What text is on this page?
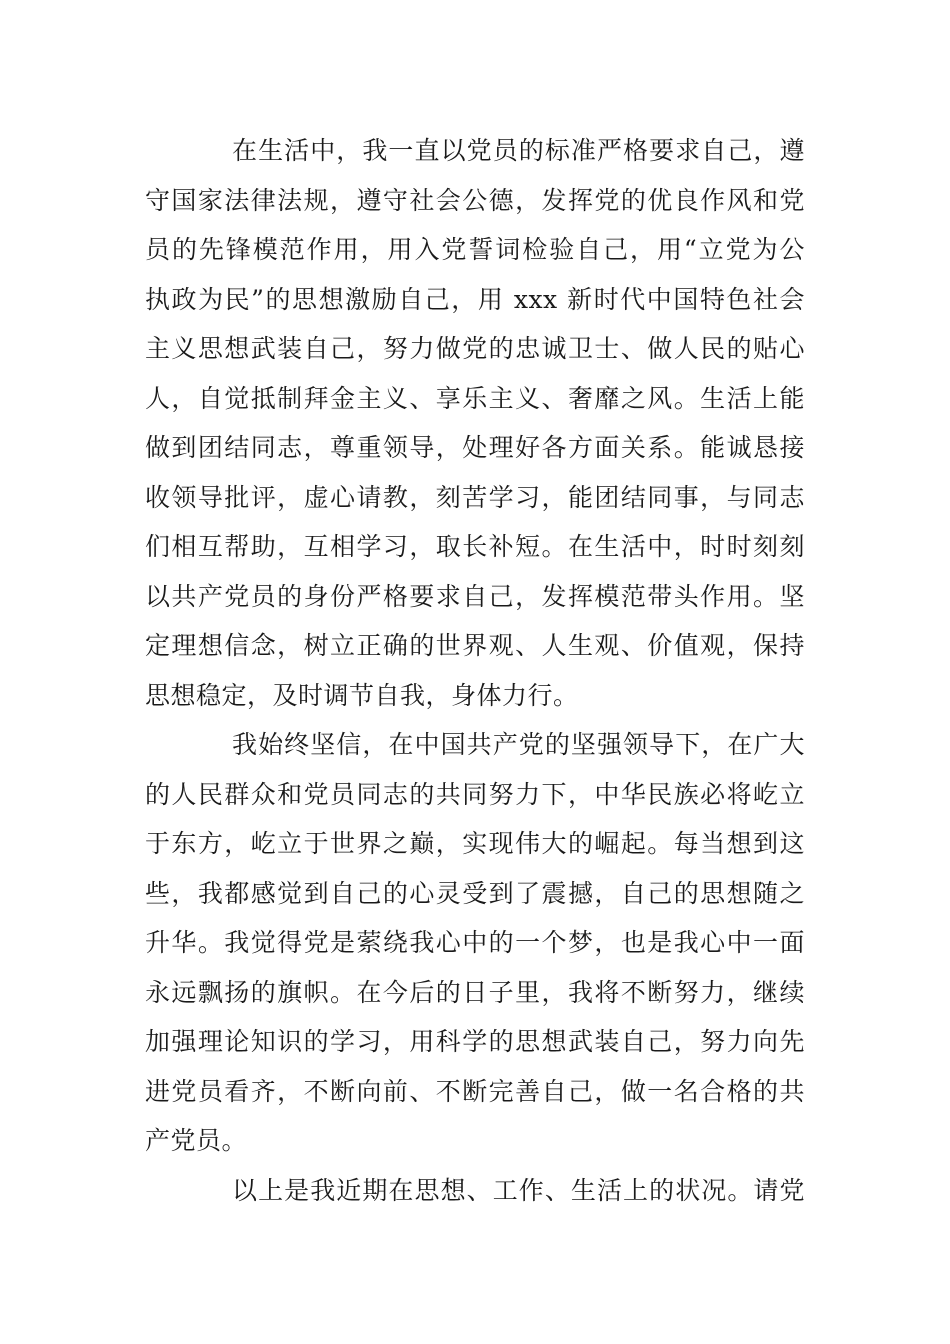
在生活中，我一直以党员的标准严格要求自己，遵
守国家法律法规，遵守社会公德，发挥党的优良作风和党
员的先锋模范作用，用入党誓词检验自己，用“立党为公
执政为民”的思想激励自己，用 xxx 新时代中国特色社会
主义思想武装自己，努力做党的忠诚卫士、做人民的贴心
人，自觉抵制拜金主义、享乐主义、奢靡之风。生活上能
做到团结同志，尊重领导，处理好各方面关系。能诚恳接
收领导批评，虚心请教，刻苦学习，能团结同事，与同志
们相互帮助，互相学习，取长补短。在生活中，时时刻刻
以共产党员的身份严格要求自己，发挥模范带头作用。坚
定理想信念，树立正确的世界观、人生观、价值观，保持
思想稳定，及时调节自我，身体力行。
我始终坚信，在中国共产党的坚强领导下，在广大
的人民群众和党员同志的共同努力下，中华民族必将屹立
于东方，屹立于世界之巅，实现伟大的崛起。每当想到这
些，我都感觉到自己的心灵受到了震撼，自己的思想随之
升华。我觉得党是萦绕我心中的一个梦，也是我心中一面
永远飘扬的旗帜。在今后的日子里，我将不断努力，继续
加强理论知识的学习，用科学的思想武装自己，努力向先
进党员看齐，不断向前、不断完善自己，做一名合格的共
产党员。
以上是我近期在思想、工作、生活上的状况。请党
